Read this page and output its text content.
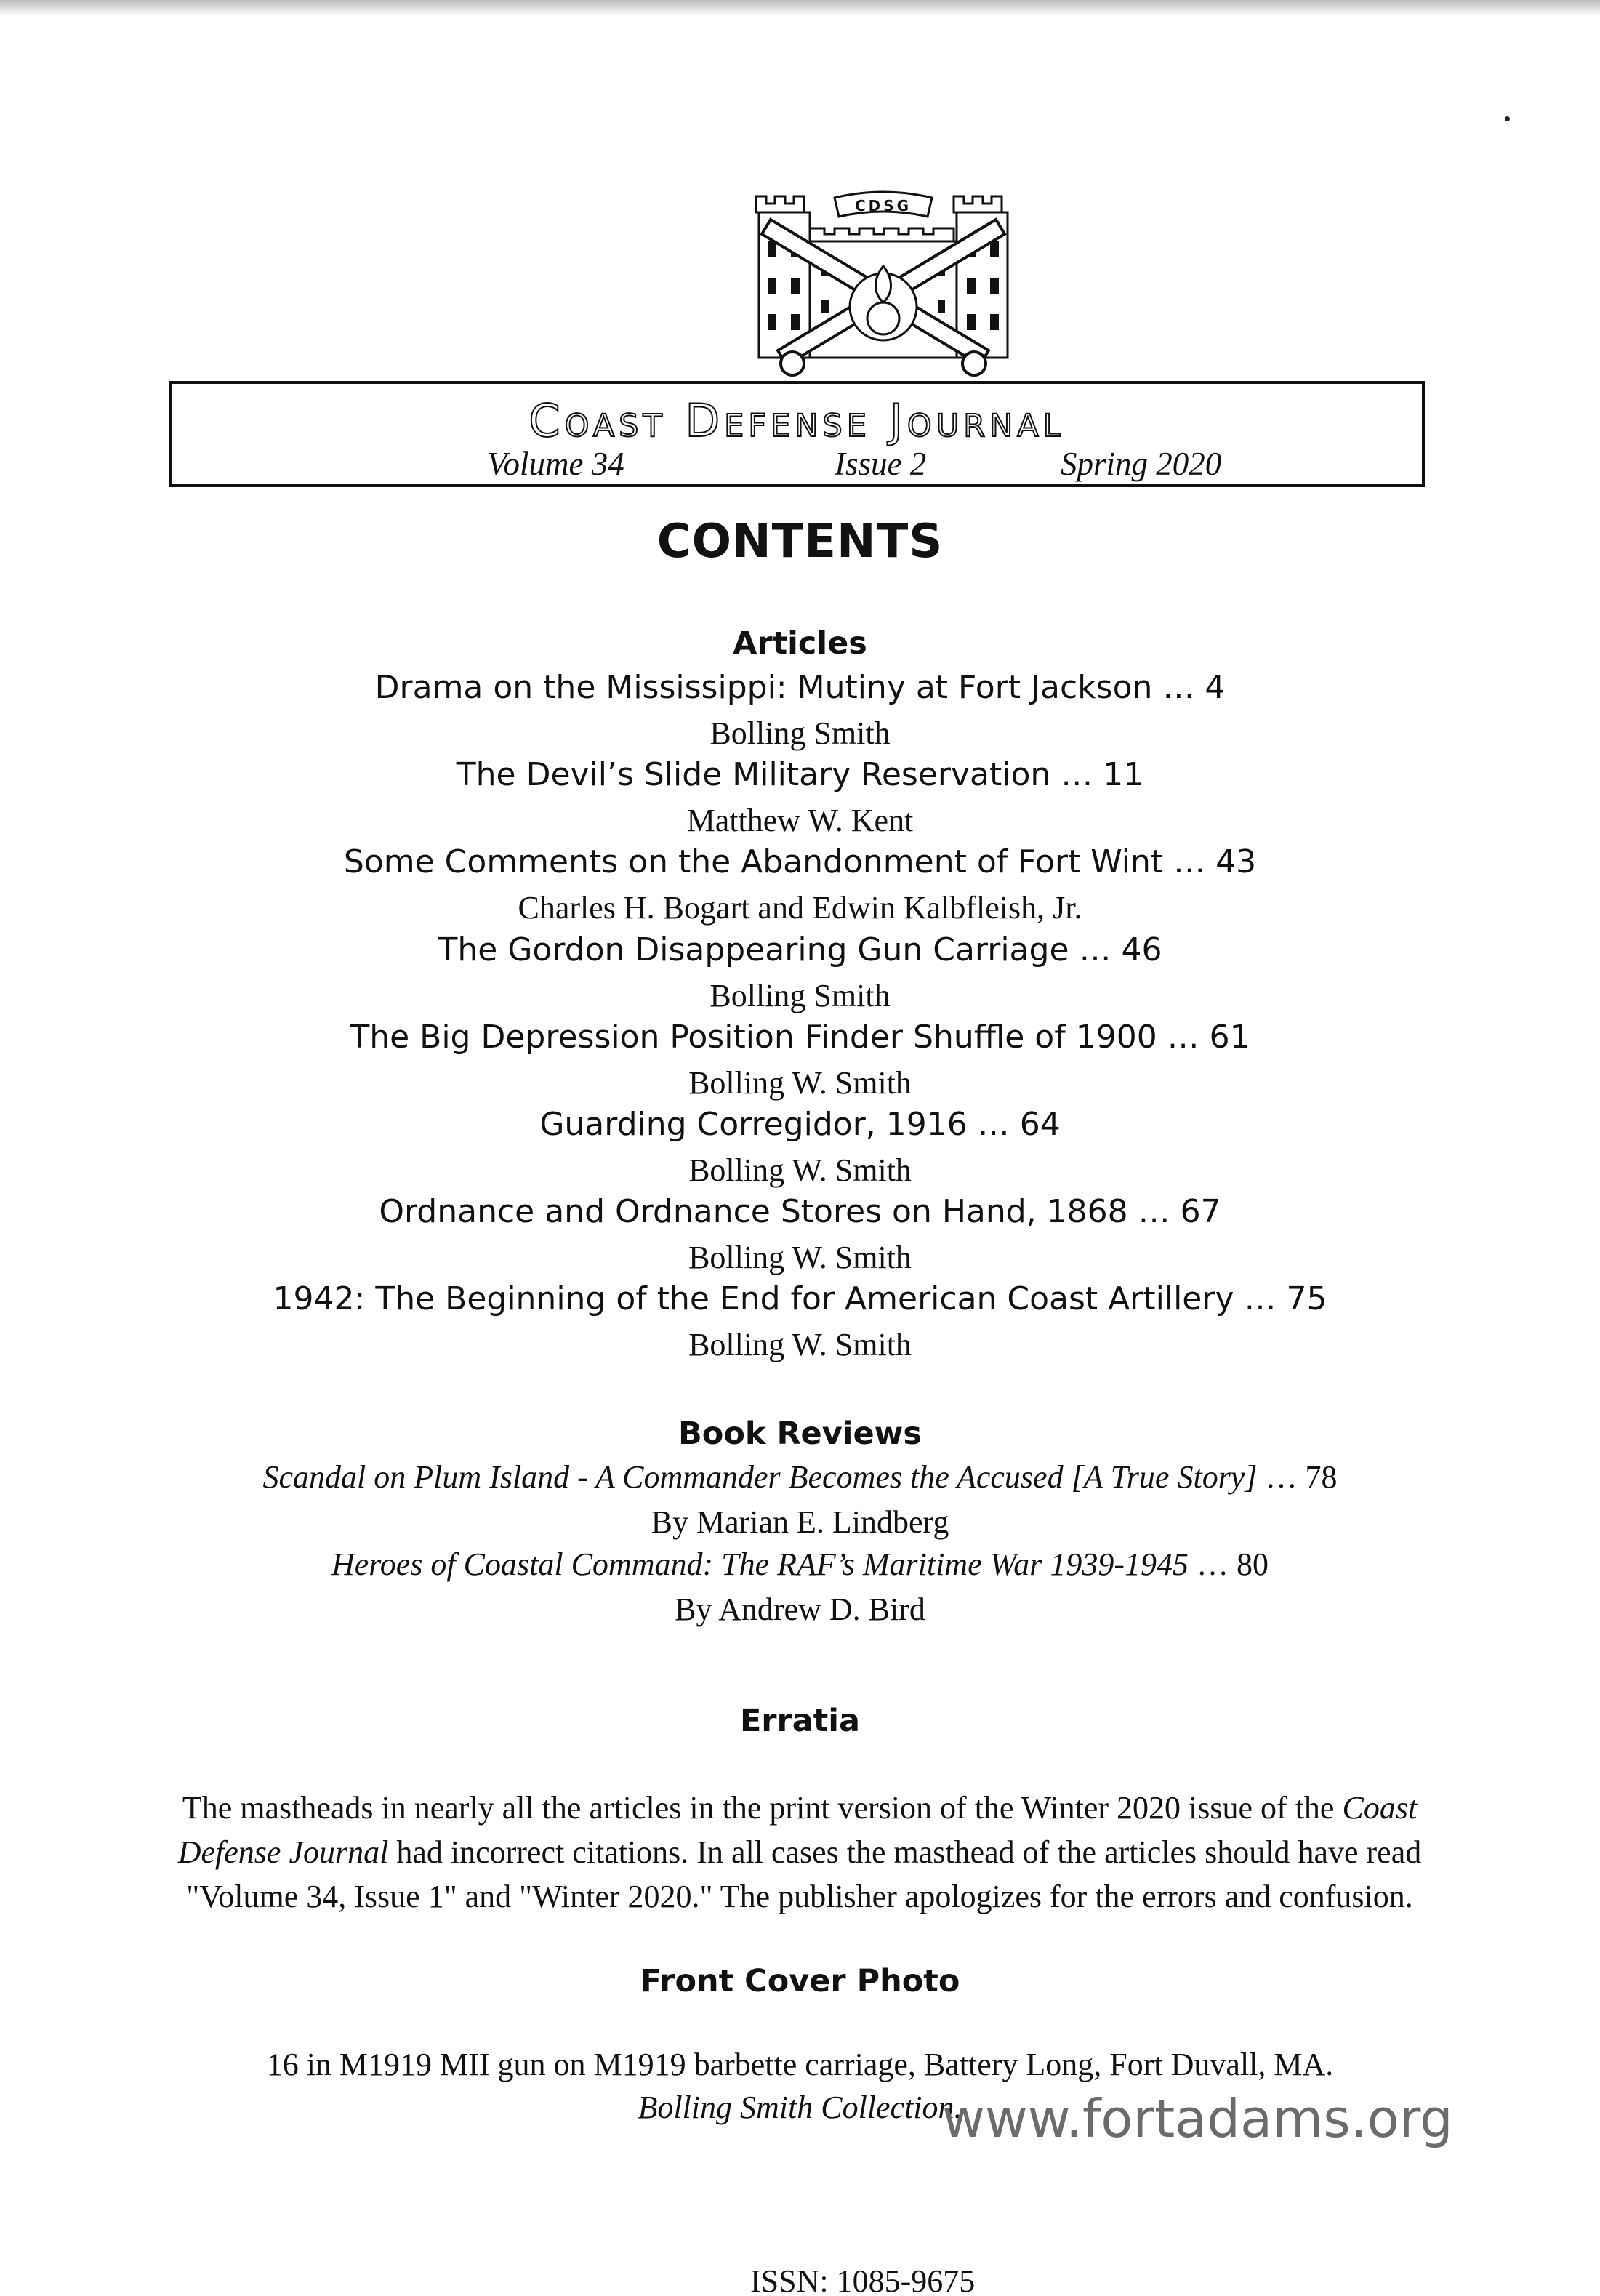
CDSG
Coast Defense Journal
Volume 34	Issue 2	Spring 2020
CONTENTS
Articles
Drama on the Mississippi: Mutiny at Fort Jackson … 4
Bolling Smith
The Devil’s Slide Military Reservation … 11
Matthew W. Kent
Some Comments on the Abandonment of Fort Wint … 43
Charles H. Bogart and Edwin Kalbfleish, Jr.
The Gordon Disappearing Gun Carriage … 46
Bolling Smith
The Big Depression Position Finder Shuffle of 1900 … 61
Bolling W. Smith
Guarding Corregidor, 1916 … 64
Bolling W. Smith
Ordnance and Ordnance Stores on Hand, 1868 … 67
Bolling W. Smith
1942: The Beginning of the End for American Coast Artillery … 75
Bolling W. Smith
Book Reviews
Scandal on Plum Island - A Commander Becomes the Accused [A True Story] … 78
By Marian E. Lindberg
Heroes of Coastal Command: The RAF’s Maritime War 1939-1945 … 80
By Andrew D. Bird
Erratia
The mastheads in nearly all the articles in the print version of the Winter 2020 issue of the Coast Defense Journal had incorrect citations. In all cases the masthead of the articles should have read "Volume 34, Issue 1" and "Winter 2020." The publisher apologizes for the errors and confusion.
Front Cover Photo
16 in M1919 MII gun on M1919 barbette carriage, Battery Long, Fort Duvall, MA.
Bolling Smith Collection.
www.fortadams.org
ISSN: 1085-9675
